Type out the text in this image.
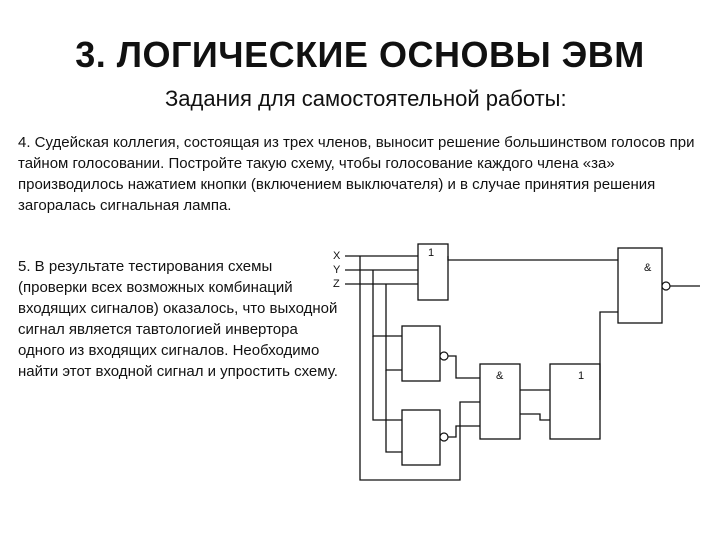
3. ЛОГИЧЕСКИЕ ОСНОВЫ ЭВМ
Задания для самостоятельной работы:
4. Судейская коллегия, состоящая из трех членов, выносит решение большинством голосов при тайном голосовании. Постройте такую схему, чтобы голосование каждого члена «за» производилось нажатием кнопки (включением выключателя) и в случае принятия решения загоралась сигнальная лампа.
5. В результате тестирования схемы (проверки всех возможных комбинаций входящих сигналов) оказалось, что выходной сигнал является тавтологией инвертора одного из входящих сигналов. Необходимо найти этот входной сигнал и упростить схему.
X
Y
Z
1
&
&	1
